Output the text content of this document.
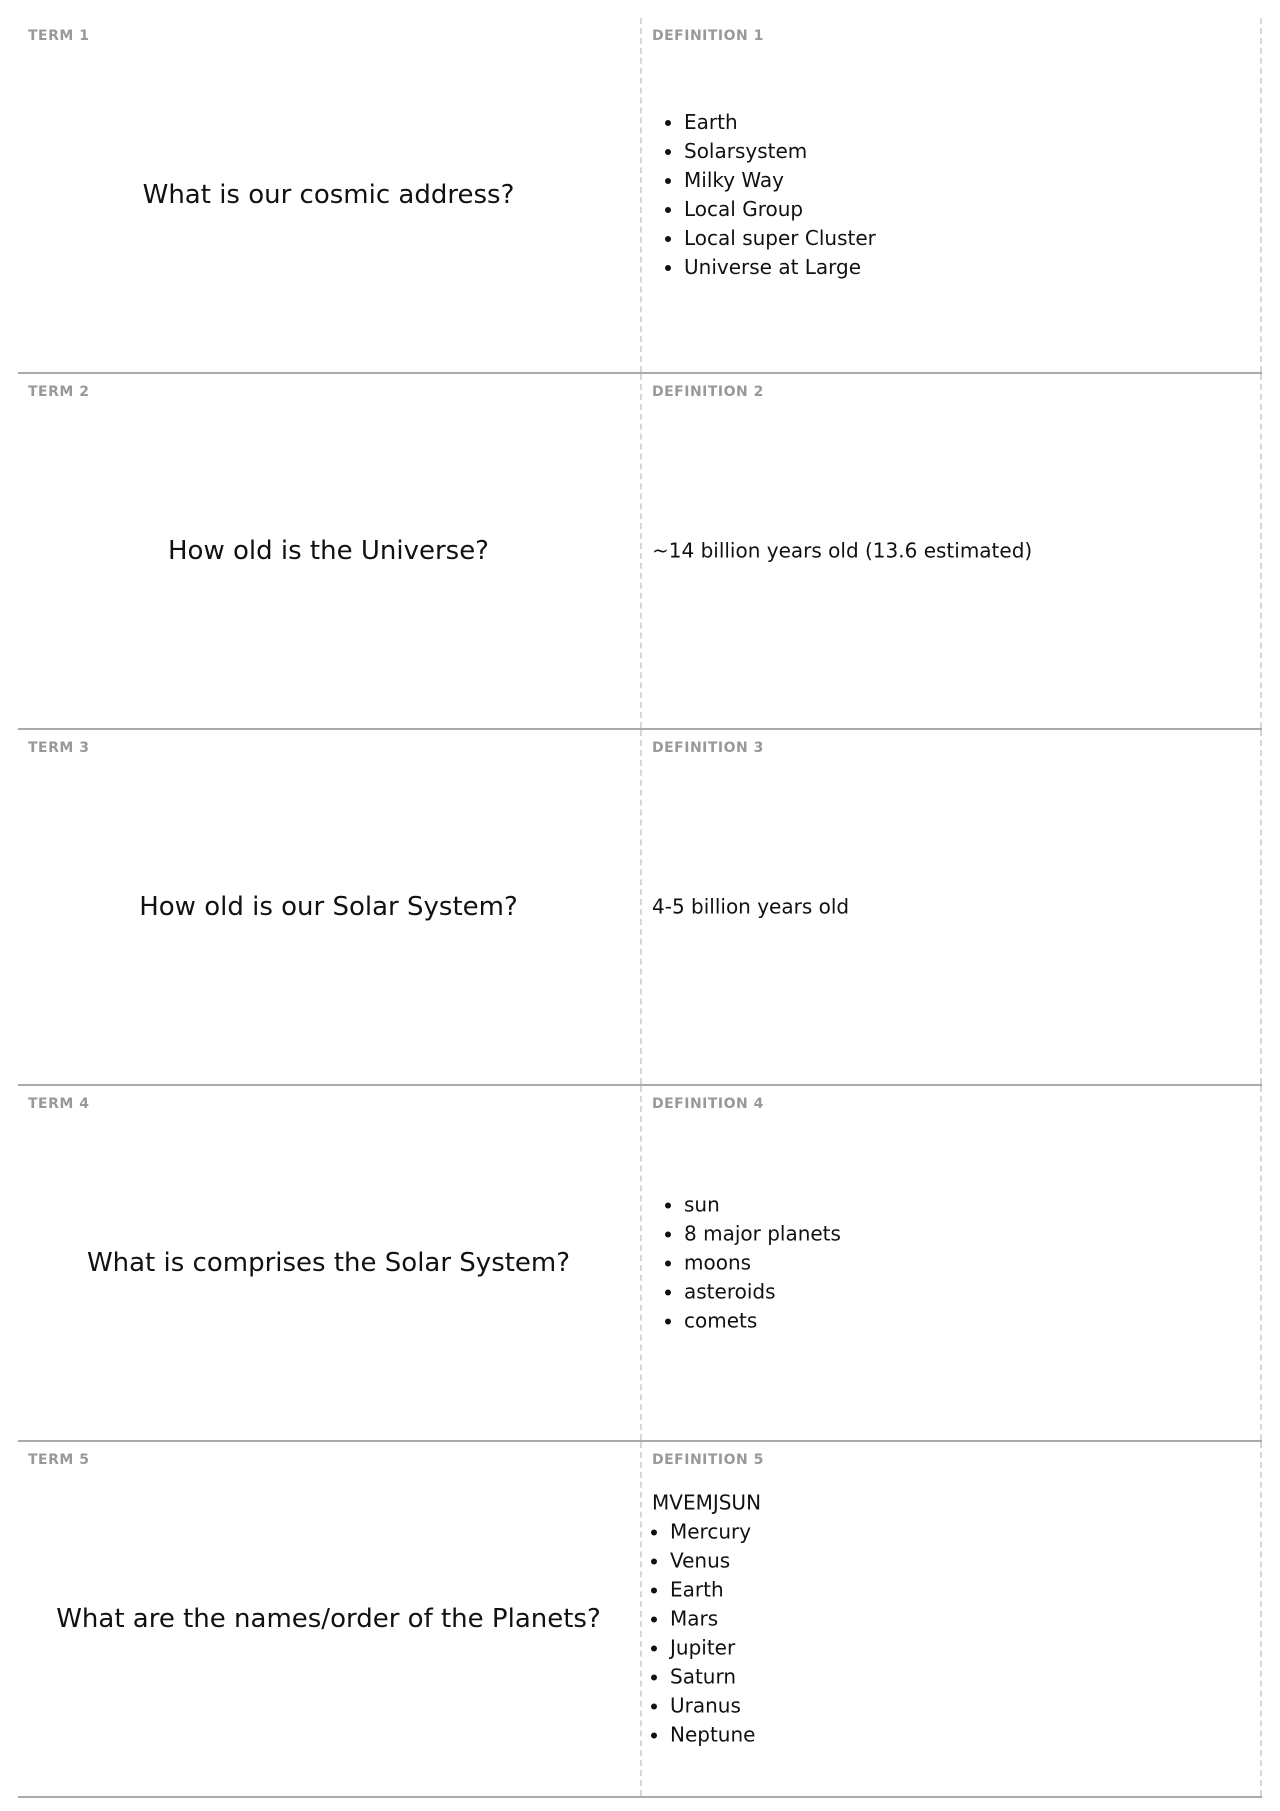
TERM 1
What is our cosmic address?
DEFINITION 1
• Earth
• Solarsystem
• Milky Way
• Local Group
• Local super Cluster
• Universe at Large
TERM 2
How old is the Universe?
DEFINITION 2
~14 billion years old (13.6 estimated)
TERM 3
How old is our Solar System?
DEFINITION 3
4-5 billion years old
TERM 4
What is comprises the Solar System?
DEFINITION 4
• sun
• 8 major planets
• moons
• asteroids
• comets
TERM 5
What are the names/order of the Planets?
DEFINITION 5
MVEMJSUN
• Mercury
• Venus
• Earth
• Mars
• Jupiter
• Saturn
• Uranus
• Neptune
